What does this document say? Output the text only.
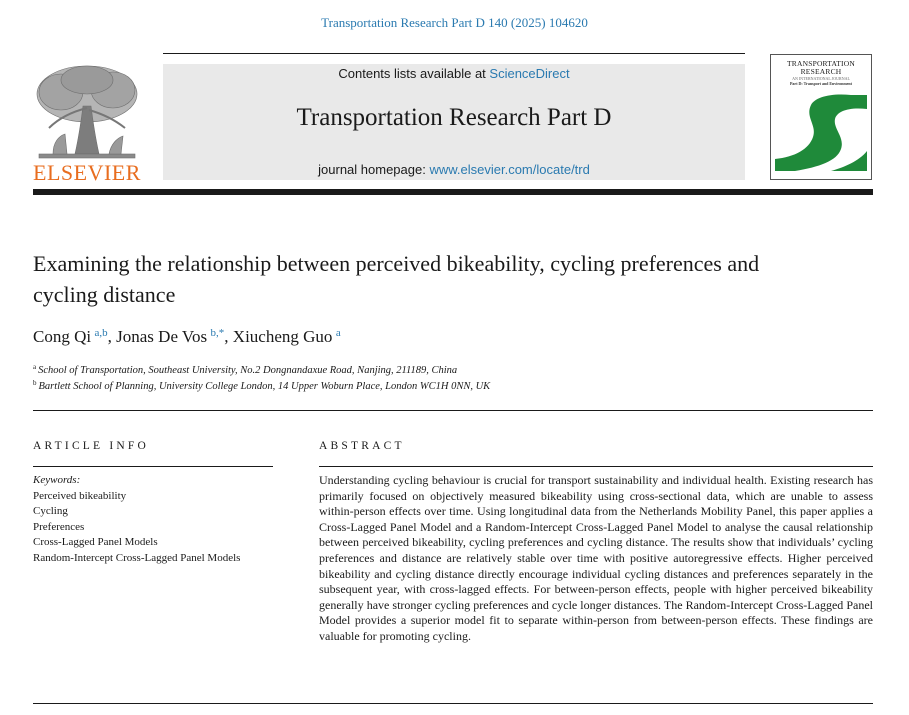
Transportation Research Part D 140 (2025) 104620
ELSEVIER
Contents lists available at ScienceDirect
Transportation Research Part D
journal homepage: www.elsevier.com/locate/trd
TRANSPORTATION
RESEARCH
AN INTERNATIONAL JOURNAL
Part D: Transport and Environment
Examining the relationship between perceived bikeability, cycling preferences and cycling distance
Cong Qi  $^{a,b}$, Jonas De Vos  $^{b,*}$, Xiucheng Guo  $^a$
$^a$ School of Transportation, Southeast University, No.2 Dongnandaxue Road, Nanjing, 211189, China
$^b$ Bartlett School of Planning, University College London, 14 Upper Woburn Place, London WC1H 0NN, UK
ARTICLE INFO
Keywords:
Perceived bikeability
Cycling
Preferences
Cross-Lagged Panel Models
Random-Intercept Cross-Lagged Panel Models
ABSTRACT

Understanding cycling behaviour is crucial for transport sustainability and individual health. Existing research has primarily focused on objectively measured bikeability using cross-sectional data, which are unable to assess within-person effects over time. Using longitudinal data from the Netherlands Mobility Panel, this paper applies a Cross-Lagged Panel Model and a Random-Intercept Cross-Lagged Panel Model to analyse the causal relationship between perceived bikeability, cycling preferences and cycling distance. The results show that individuals’ cycling preferences and distance are relatively stable over time with positive autoregressive effects. Higher perceived bikeability and cycling distance directly encourage individual cycling distances and preferences separately in the subsequent year, with cross-lagged effects. For between-person effects, people with higher perceived bikeability generally have stronger cycling preferences and cycle longer distances. The Random-Intercept Cross-Lagged Panel Model provides a superior model fit to separate within-person from between-person effects. These findings are valuable for promoting cycling.
